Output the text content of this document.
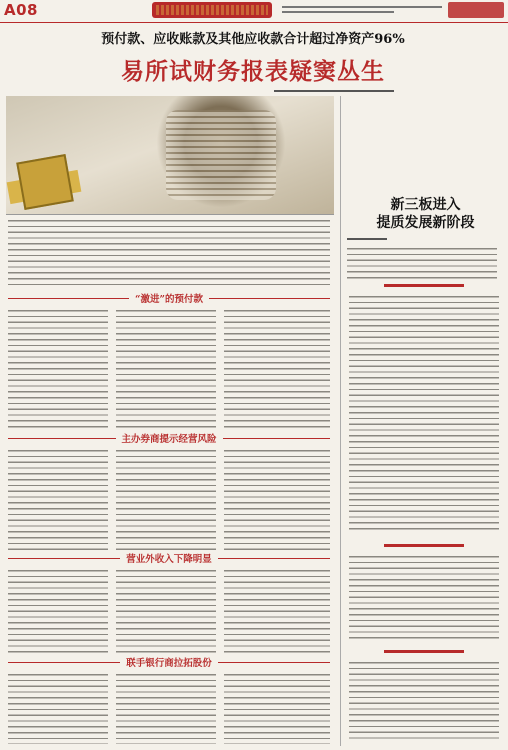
A08

预付款、应收账款及其他应收款合计超过净资产96%

易所试财务报表疑窦丛生
“激进”的预付款
主办券商提示经营风险
营业外收入下降明显
联手银行商拉拓股份
新三板进入
提质发展新阶段
